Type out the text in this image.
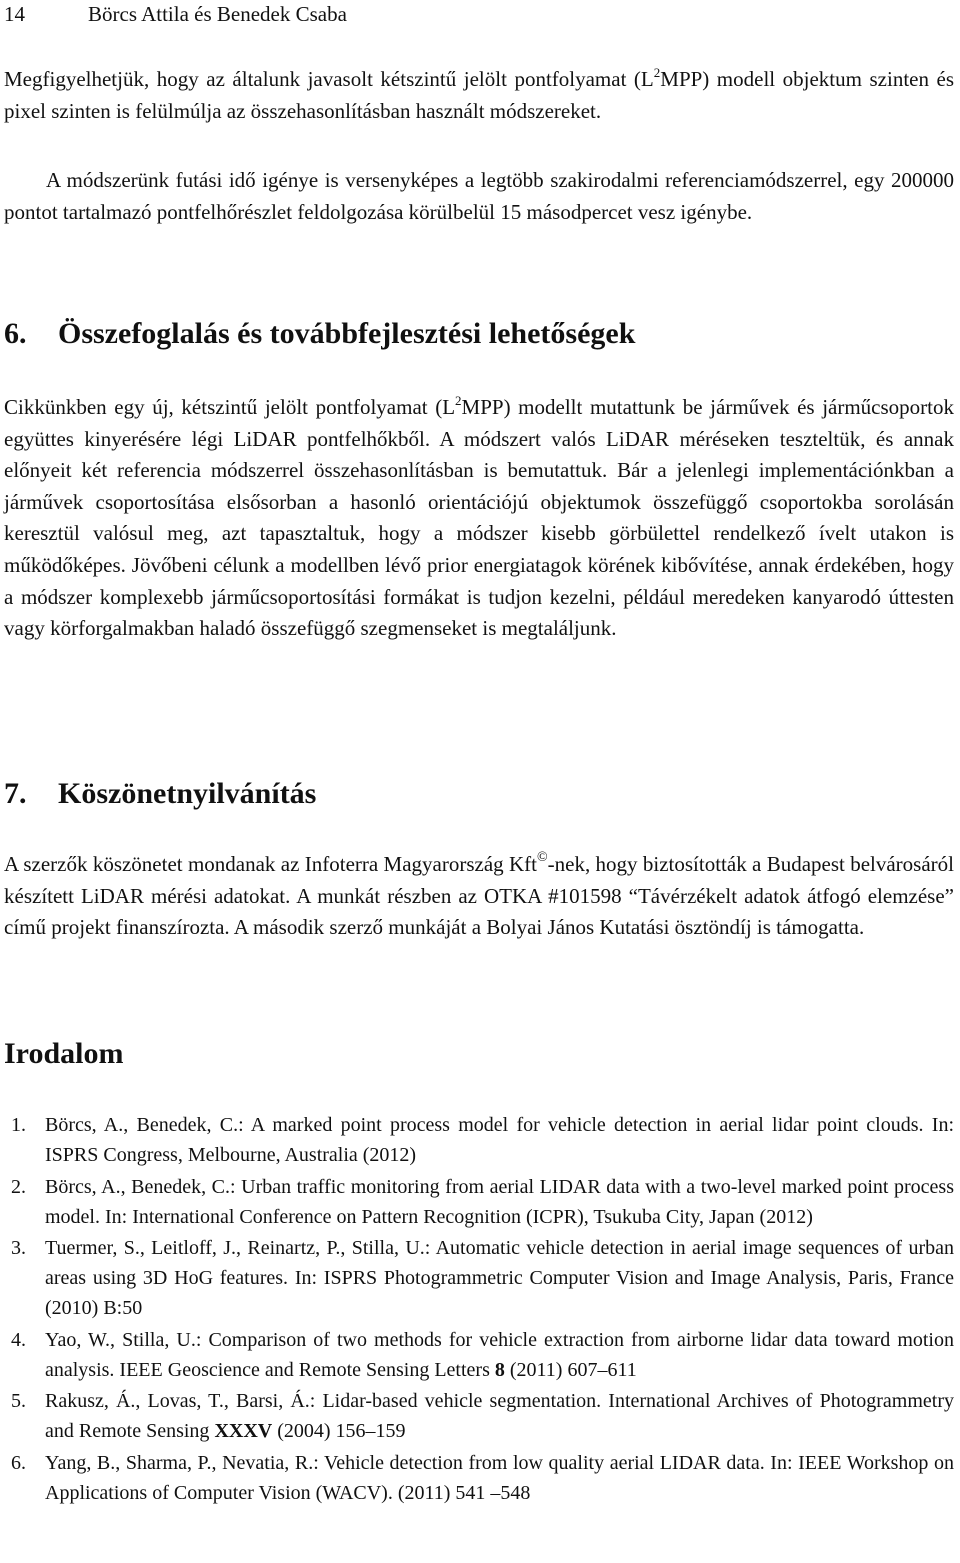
14	Börcs Attila és Benedek Csaba

Megfigyelhetjük, hogy az általunk javasolt kétszintű jelölt pontfolyamat $(L^2MPP)$ modell objektum szinten és pixel szinten is felülmúlja az összehasonlításban használt módszereket.

A módszerünk futási idő igénye is versenyképes a legtöbb szakirodalmi referenciamódszerrel, egy 200000 pontot tartalmazó pontfelhőrészlet feldolgozása körülbelül 15 másodpercet vesz igénybe.

6. Összefoglalás és továbbfejlesztési lehetőségek

Cikkünkben egy új, kétszintű jelölt pontfolyamat $(L^2MPP)$ modellt mutattunk be járművek és járműcsoportok együttes kinyerésére légi LiDAR pontfelhőkből. A módszert valós LiDAR méréseken teszteltük, és annak előnyeit két referencia módszerrel összehasonlításban is bemutattuk. Bár a jelenlegi implementációnkban a járművek csoportosítása elsősorban a hasonló orientációjú objektumok összefüggő csoportokba sorolásán keresztül valósul meg, azt tapasztaltuk, hogy a módszer kisebb görbülettel rendelkező ívelt utakon is működőképes. Jövőbeni célunk a modellben lévő prior energiatagok körének kibővítése, annak érdekében, hogy a módszer komplexebb járműcsoportosítási formákat is tudjon kezelni, például meredeken kanyarodó úttesten vagy körforgalmakban haladó összefüggő szegmenseket is megtaláljunk.

7. Köszönetnyilvánítás

A szerzők köszönetet mondanak az Infoterra Magyarország Kft©-nek, hogy biztosították a Budapest belvárosáról készített LiDAR mérési adatokat. A munkát részben az OTKA #101598 “Távérzékelt adatok átfogó elemzése” című projekt finanszírozta. A második szerző munkáját a Bolyai János Kutatási ösztöndíj is támogatta.

Irodalom
1. Börcs, A., Benedek, C.: A marked point process model for vehicle detection in aerial lidar point clouds. In: ISPRS Congress, Melbourne, Australia (2012)
2. Börcs, A., Benedek, C.: Urban traffic monitoring from aerial LIDAR data with a two-level marked point process model. In: International Conference on Pattern Recognition (ICPR), Tsukuba City, Japan (2012)
3. Tuermer, S., Leitloff, J., Reinartz, P., Stilla, U.: Automatic vehicle detection in aerial image sequences of urban areas using 3D HoG features. In: ISPRS Photogrammetric Computer Vision and Image Analysis, Paris, France (2010) B:50
4. Yao, W., Stilla, U.: Comparison of two methods for vehicle extraction from airborne lidar data toward motion analysis. IEEE Geoscience and Remote Sensing Letters 8 (2011) 607–611
5. Rakusz, Á., Lovas, T., Barsi, Á.: Lidar-based vehicle segmentation. International Archives of Photogrammetry and Remote Sensing XXXV (2004) 156–159
6. Yang, B., Sharma, P., Nevatia, R.: Vehicle detection from low quality aerial LIDAR data. In: IEEE Workshop on Applications of Computer Vision (WACV). (2011) 541 –548
